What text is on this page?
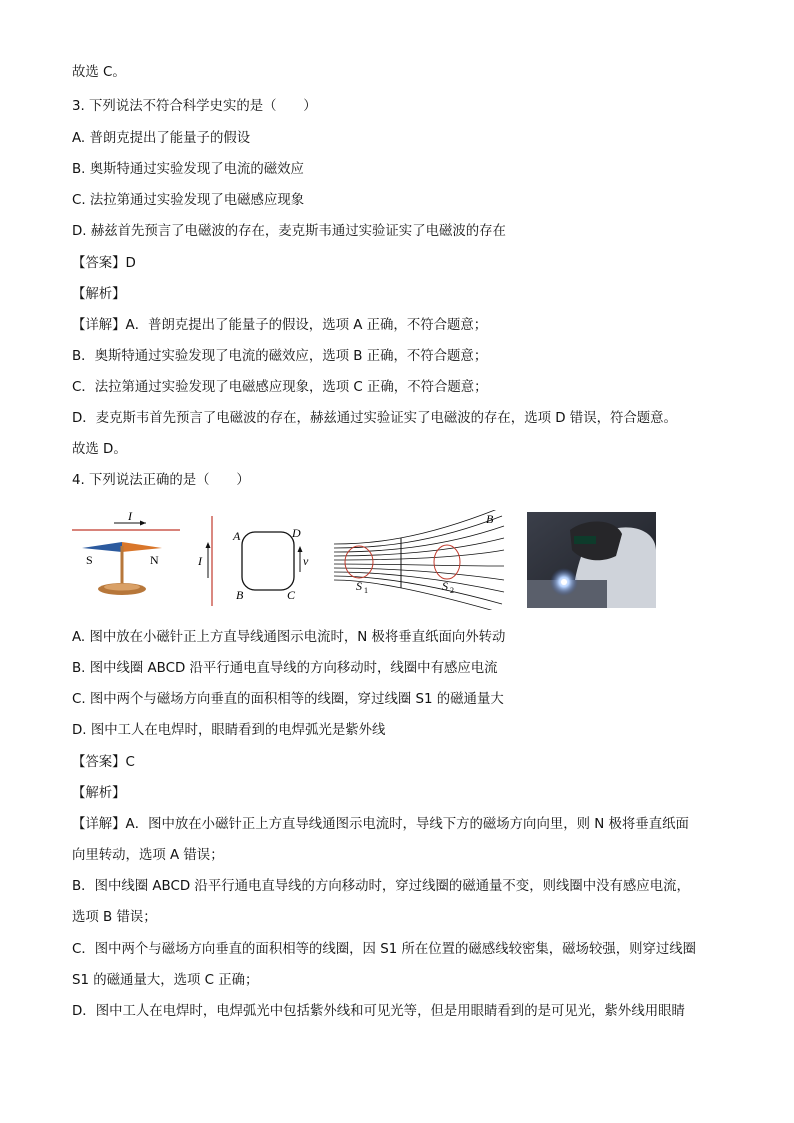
故选 C。
3. 下列说法不符合科学史实的是（　　）
A. 普朗克提出了能量子的假设
B. 奥斯特通过实验发现了电流的磁效应
C. 法拉第通过实验发现了电磁感应现象
D. 赫兹首先预言了电磁波的存在，麦克斯韦通过实验证实了电磁波的存在
【答案】D
【解析】
【详解】A．普朗克提出了能量子的假设，选项 A 正确，不符合题意；
B．奥斯特通过实验发现了电流的磁效应，选项 B 正确，不符合题意；
C．法拉第通过实验发现了电磁感应现象，选项 C 正确，不符合题意；
D．麦克斯韦首先预言了电磁波的存在，赫兹通过实验证实了电磁波的存在，选项 D 错误，符合题意。
故选 D。
4. 下列说法正确的是（　　）
I
S	N	I
A	D
B	C
v
B
S 1	S 2
A. 图中放在小磁针正上方直导线通图示电流时，N 极将垂直纸面向外转动
B. 图中线圈 ABCD 沿平行通电直导线的方向移动时，线圈中有感应电流
C. 图中两个与磁场方向垂直的面积相等的线圈，穿过线圈 S1 的磁通量大
D. 图中工人在电焊时，眼睛看到的电焊弧光是紫外线
【答案】C
【解析】
【详解】A．图中放在小磁针正上方直导线通图示电流时，导线下方的磁场方向向里，则 N 极将垂直纸面
向里转动，选项 A 错误；
B．图中线圈 ABCD 沿平行通电直导线的方向移动时，穿过线圈的磁通量不变，则线圈中没有感应电流，
选项 B 错误；
C．图中两个与磁场方向垂直的面积相等的线圈，因 S1 所在位置的磁感线较密集，磁场较强，则穿过线圈
S1 的磁通量大，选项 C 正确；
D．图中工人在电焊时，电焊弧光中包括紫外线和可见光等，但是用眼睛看到的是可见光，紫外线用眼睛
